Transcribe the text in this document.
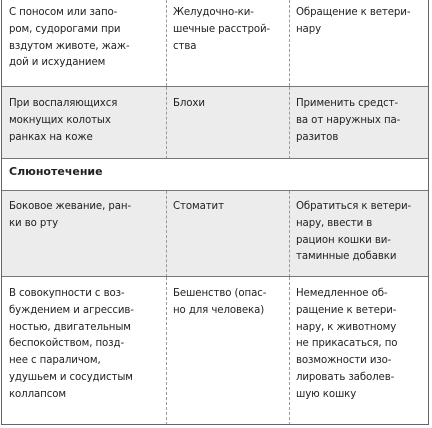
С поносом или запо-
ром, судорогами при
вздутом животе, жаж-
дой и исхуданием
Желудочно-ки-
шечные расстрой-
ства
Обращение к ветери-
нару
При воспаляющихся
мокнущих колотых
ранках на коже
Блохи	Применить средст-
ва от наружных па-
разитов
Слюнотечение
Боковое жевание, ран-
ки во рту
Стоматит	Обратиться к ветери-
нару, ввести в
рацион кошки ви-
таминные добавки
В совокупности с воз-
буждением и агрессив-
ностью, двигательным
беспокойством, позд-
нее с параличом,
удушьем и сосудистым
коллапсом
Бешенство (опас-
но для человека)
Немедленное об-
ращение к ветери-
нару, к животному
не прикасаться, по
возможности изо-
лировать заболев-
шую кошку
